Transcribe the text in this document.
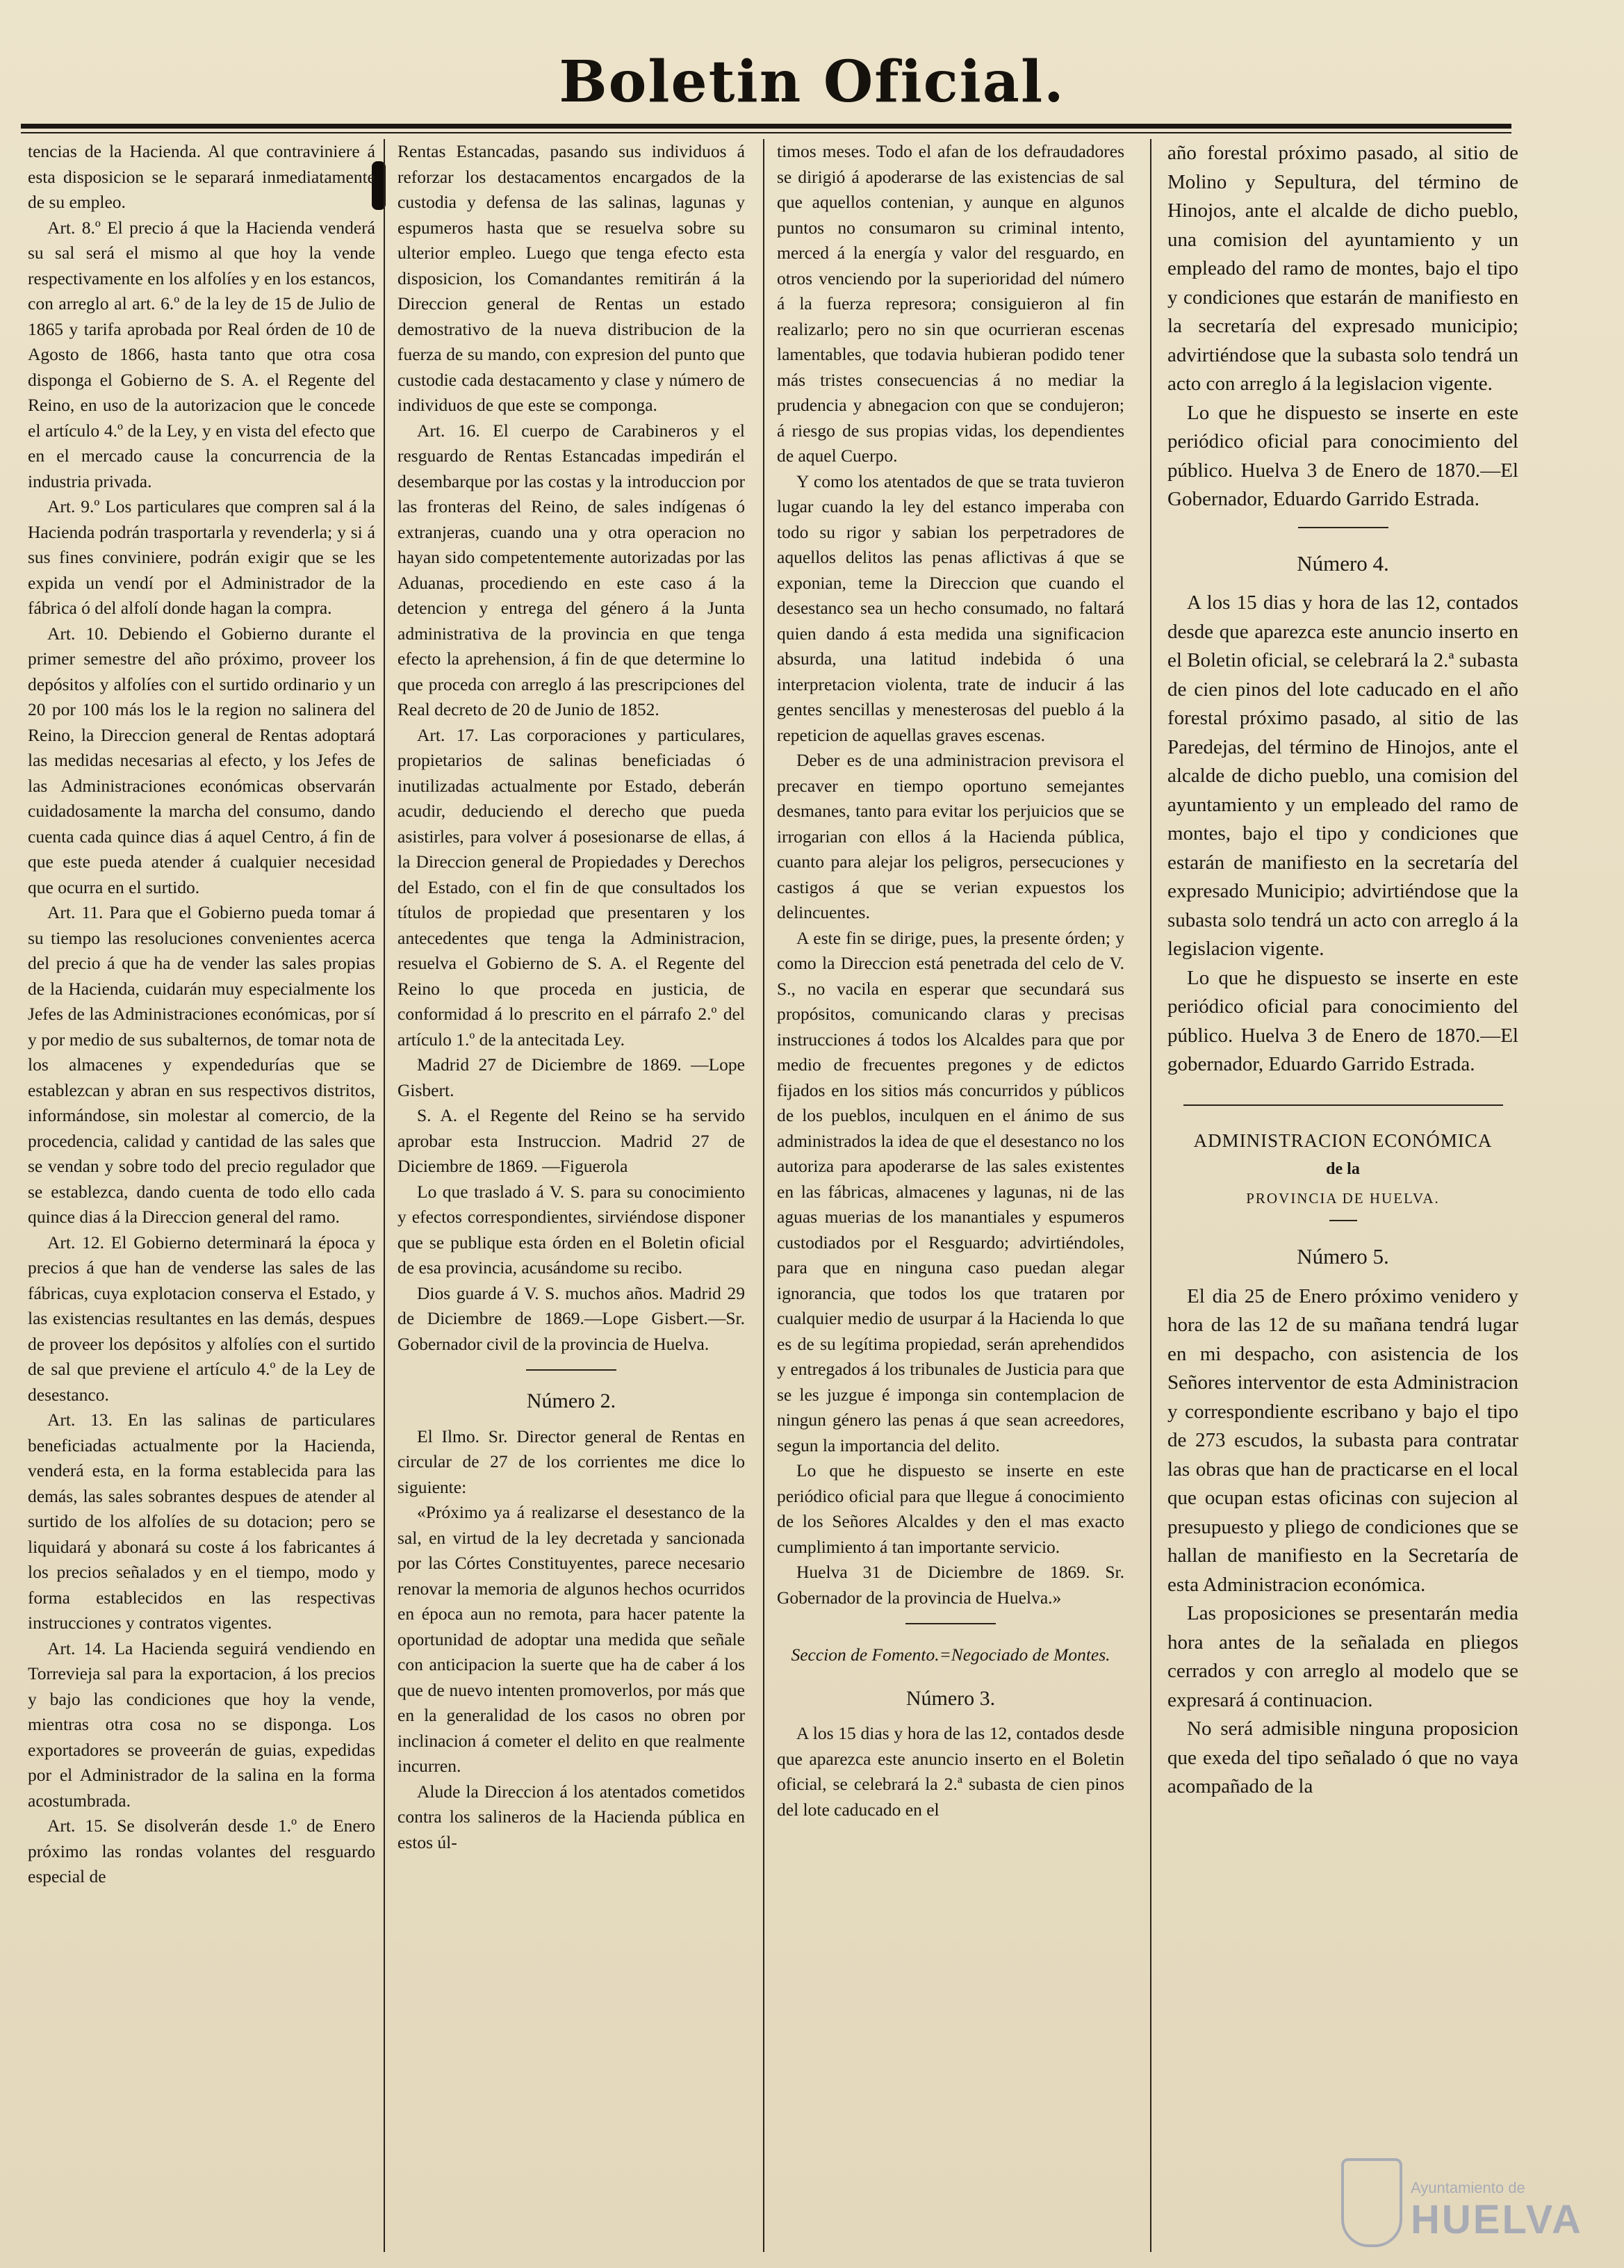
Boletin Oficial.

tencias de la Hacienda. Al que contraviniere á esta disposicion se le separará inmediatamente de su empleo.

Art. 8.º El precio á que la Hacienda venderá su sal será el mismo al que hoy la vende respectivamente en los alfolíes y en los estancos, con arreglo al art. 6.º de la ley de 15 de Julio de 1865 y tarifa aprobada por Real órden de 10 de Agosto de 1866, hasta tanto que otra cosa disponga el Gobierno de S. A. el Regente del Reino, en uso de la autorizacion que le concede el artículo 4.º de la Ley, y en vista del efecto que en el mercado cause la concurrencia de la industria privada.

Art. 9.º Los particulares que compren sal á la Hacienda podrán trasportarla y revenderla; y si á sus fines conviniere, podrán exigir que se les expida un vendí por el Administrador de la fábrica ó del alfolí donde hagan la compra.

Art. 10. Debiendo el Gobierno durante el primer semestre del año próximo, proveer los depósitos y alfolíes con el surtido ordinario y un 20 por 100 más los le la region no salinera del Reino, la Direccion general de Rentas adoptará las medidas necesarias al efecto, y los Jefes de las Administraciones económicas observarán cuidadosamente la marcha del consumo, dando cuenta cada quince dias á aquel Centro, á fin de que este pueda atender á cualquier necesidad que ocurra en el surtido.

Art. 11. Para que el Gobierno pueda tomar á su tiempo las resoluciones convenientes acerca del precio á que ha de vender las sales propias de la Hacienda, cuidarán muy especialmente los Jefes de las Administraciones económicas, por sí y por medio de sus subalternos, de tomar nota de los almacenes y expendedurías que se establezcan y abran en sus respectivos distritos, informándose, sin molestar al comercio, de la procedencia, calidad y cantidad de las sales que se vendan y sobre todo del precio regulador que se establezca, dando cuenta de todo ello cada quince dias á la Direccion general del ramo.

Art. 12. El Gobierno determinará la época y precios á que han de venderse las sales de las fábricas, cuya explotacion conserva el Estado, y las existencias resultantes en las demás, despues de proveer los depósitos y alfolíes con el surtido de sal que previene el artículo 4.º de la Ley de desestanco.

Art. 13. En las salinas de particulares beneficiadas actualmente por la Hacienda, venderá esta, en la forma establecida para las demás, las sales sobrantes despues de atender al surtido de los alfolíes de su dotacion; pero se liquidará y abonará su coste á los fabricantes á los precios señalados y en el tiempo, modo y forma establecidos en las respectivas instrucciones y contratos vigentes.

Art. 14. La Hacienda seguirá vendiendo en Torrevieja sal para la exportacion, á los precios y bajo las condiciones que hoy la vende, mientras otra cosa no se disponga. Los exportadores se proveerán de guias, expedidas por el Administrador de la salina en la forma acostumbrada.

Art. 15. Se disolverán desde 1.º de Enero próximo las rondas volantes del resguardo especial de

Rentas Estancadas, pasando sus individuos á reforzar los destacamentos encargados de la custodia y defensa de las salinas, lagunas y espumeros hasta que se resuelva sobre su ulterior empleo. Luego que tenga efecto esta disposicion, los Comandantes remitirán á la Direccion general de Rentas un estado demostrativo de la nueva distribucion de la fuerza de su mando, con expresion del punto que custodie cada destacamento y clase y número de individuos de que este se componga.

Art. 16. El cuerpo de Carabineros y el resguardo de Rentas Estancadas impedirán el desembarque por las costas y la introduccion por las fronteras del Reino, de sales indígenas ó extranjeras, cuando una y otra operacion no hayan sido competentemente autorizadas por las Aduanas, procediendo en este caso á la detencion y entrega del género á la Junta administrativa de la provincia en que tenga efecto la aprehension, á fin de que determine lo que proceda con arreglo á las prescripciones del Real decreto de 20 de Junio de 1852.

Art. 17. Las corporaciones y particulares, propietarios de salinas beneficiadas ó inutilizadas actualmente por Estado, deberán acudir, deduciendo el derecho que pueda asistirles, para volver á posesionarse de ellas, á la Direccion general de Propiedades y Derechos del Estado, con el fin de que consultados los títulos de propiedad que presentaren y los antecedentes que tenga la Administracion, resuelva el Gobierno de S. A. el Regente del Reino lo que proceda en justicia, de conformidad á lo prescrito en el párrafo 2.º del artículo 1.º de la antecitada Ley.

Madrid 27 de Diciembre de 1869. —Lope Gisbert.

S. A. el Regente del Reino se ha servido aprobar esta Instruccion. Madrid 27 de Diciembre de 1869. —Figuerola

Lo que traslado á V. S. para su conocimiento y efectos correspondientes, sirviéndose disponer que se publique esta órden en el Boletin oficial de esa provincia, acusándome su recibo.

Dios guarde á V. S. muchos años. Madrid 29 de Diciembre de 1869.—Lope Gisbert.—Sr. Gobernador civil de la provincia de Huelva.

Número 2.

El Ilmo. Sr. Director general de Rentas en circular de 27 de los corrientes me dice lo siguiente:

«Próximo ya á realizarse el desestanco de la sal, en virtud de la ley decretada y sancionada por las Córtes Constituyentes, parece necesario renovar la memoria de algunos hechos ocurridos en época aun no remota, para hacer patente la oportunidad de adoptar una medida que señale con anticipacion la suerte que ha de caber á los que de nuevo intenten promoverlos, por más que en la generalidad de los casos no obren por inclinacion á cometer el delito en que realmente incurren.

Alude la Direccion á los atentados cometidos contra los salineros de la Hacienda pública en estos úl-

timos meses. Todo el afan de los defraudadores se dirigió á apoderarse de las existencias de sal que aquellos contenian, y aunque en algunos puntos no consumaron su criminal intento, merced á la energía y valor del resguardo, en otros venciendo por la superioridad del número á la fuerza represora; consiguieron al fin realizarlo; pero no sin que ocurrieran escenas lamentables, que todavia hubieran podido tener más tristes consecuencias á no mediar la prudencia y abnegacion con que se condujeron; á riesgo de sus propias vidas, los dependientes de aquel Cuerpo.

Y como los atentados de que se trata tuvieron lugar cuando la ley del estanco imperaba con todo su rigor y sabian los perpetradores de aquellos delitos las penas aflictivas á que se exponian, teme la Direccion que cuando el desestanco sea un hecho consumado, no faltará quien dando á esta medida una significacion absurda, una latitud indebida ó una interpretacion violenta, trate de inducir á las gentes sencillas y menesterosas del pueblo á la repeticion de aquellas graves escenas.

Deber es de una administracion previsora el precaver en tiempo oportuno semejantes desmanes, tanto para evitar los perjuicios que se irrogarian con ellos á la Hacienda pública, cuanto para alejar los peligros, persecuciones y castigos á que se verian expuestos los delincuentes.

A este fin se dirige, pues, la presente órden; y como la Direccion está penetrada del celo de V. S., no vacila en esperar que secundará sus propósitos, comunicando claras y precisas instrucciones á todos los Alcaldes para que por medio de frecuentes pregones y de edictos fijados en los sitios más concurridos y públicos de los pueblos, inculquen en el ánimo de sus administrados la idea de que el desestanco no los autoriza para apoderarse de las sales existentes en las fábricas, almacenes y lagunas, ni de las aguas muerias de los manantiales y espumeros custodiados por el Resguardo; advirtiéndoles, para que en ninguna caso puedan alegar ignorancia, que todos los que trataren por cualquier medio de usurpar á la Hacienda lo que es de su legítima propiedad, serán aprehendidos y entregados á los tribunales de Justicia para que se les juzgue é imponga sin contemplacion de ningun género las penas á que sean acreedores, segun la importancia del delito.

Lo que he dispuesto se inserte en este periódico oficial para que llegue á conocimiento de los Señores Alcaldes y den el mas exacto cumplimiento á tan importante servicio.

Huelva 31 de Diciembre de 1869. Sr. Gobernador de la provincia de Huelva.»

Seccion de Fomento.=Negociado de Montes.

Número 3.

A los 15 dias y hora de las 12, contados desde que aparezca este anuncio inserto en el Boletin oficial, se celebrará la 2.ª subasta de cien pinos del lote caducado en el

año forestal próximo pasado, al sitio de Molino y Sepultura, del término de Hinojos, ante el alcalde de dicho pueblo, una comision del ayuntamiento y un empleado del ramo de montes, bajo el tipo y condiciones que estarán de manifiesto en la secretaría del expresado municipio; advirtiéndose que la subasta solo tendrá un acto con arreglo á la legislacion vigente.

Lo que he dispuesto se inserte en este periódico oficial para conocimiento del público. Huelva 3 de Enero de 1870.—El Gobernador, Eduardo Garrido Estrada.

Número 4.

A los 15 dias y hora de las 12, contados desde que aparezca este anuncio inserto en el Boletin oficial, se celebrará la 2.ª subasta de cien pinos del lote caducado en el año forestal próximo pasado, al sitio de las Paredejas, del término de Hinojos, ante el alcalde de dicho pueblo, una comision del ayuntamiento y un empleado del ramo de montes, bajo el tipo y condiciones que estarán de manifiesto en la secretaría del expresado Municipio; advirtiéndose que la subasta solo tendrá un acto con arreglo á la legislacion vigente.

Lo que he dispuesto se inserte en este periódico oficial para conocimiento del público. Huelva 3 de Enero de 1870.—El gobernador, Eduardo Garrido Estrada.

ADMINISTRACION ECONÓMICA
de la
PROVINCIA DE HUELVA.
Número 5.

El dia 25 de Enero próximo venidero y hora de las 12 de su mañana tendrá lugar en mi despacho, con asistencia de los Señores interventor de esta Administracion y correspondiente escribano y bajo el tipo de 273 escudos, la subasta para contratar las obras que han de practicarse en el local que ocupan estas oficinas con sujecion al presupuesto y pliego de condiciones que se hallan de manifiesto en la Secretaría de esta Administracion económica.

Las proposiciones se presentarán media hora antes de la señalada en pliegos cerrados y con arreglo al modelo que se expresará á continuacion.

No será admisible ninguna proposicion que exeda del tipo señalado ó que no vaya acompañado de la

Ayuntamiento de
HUELVA
